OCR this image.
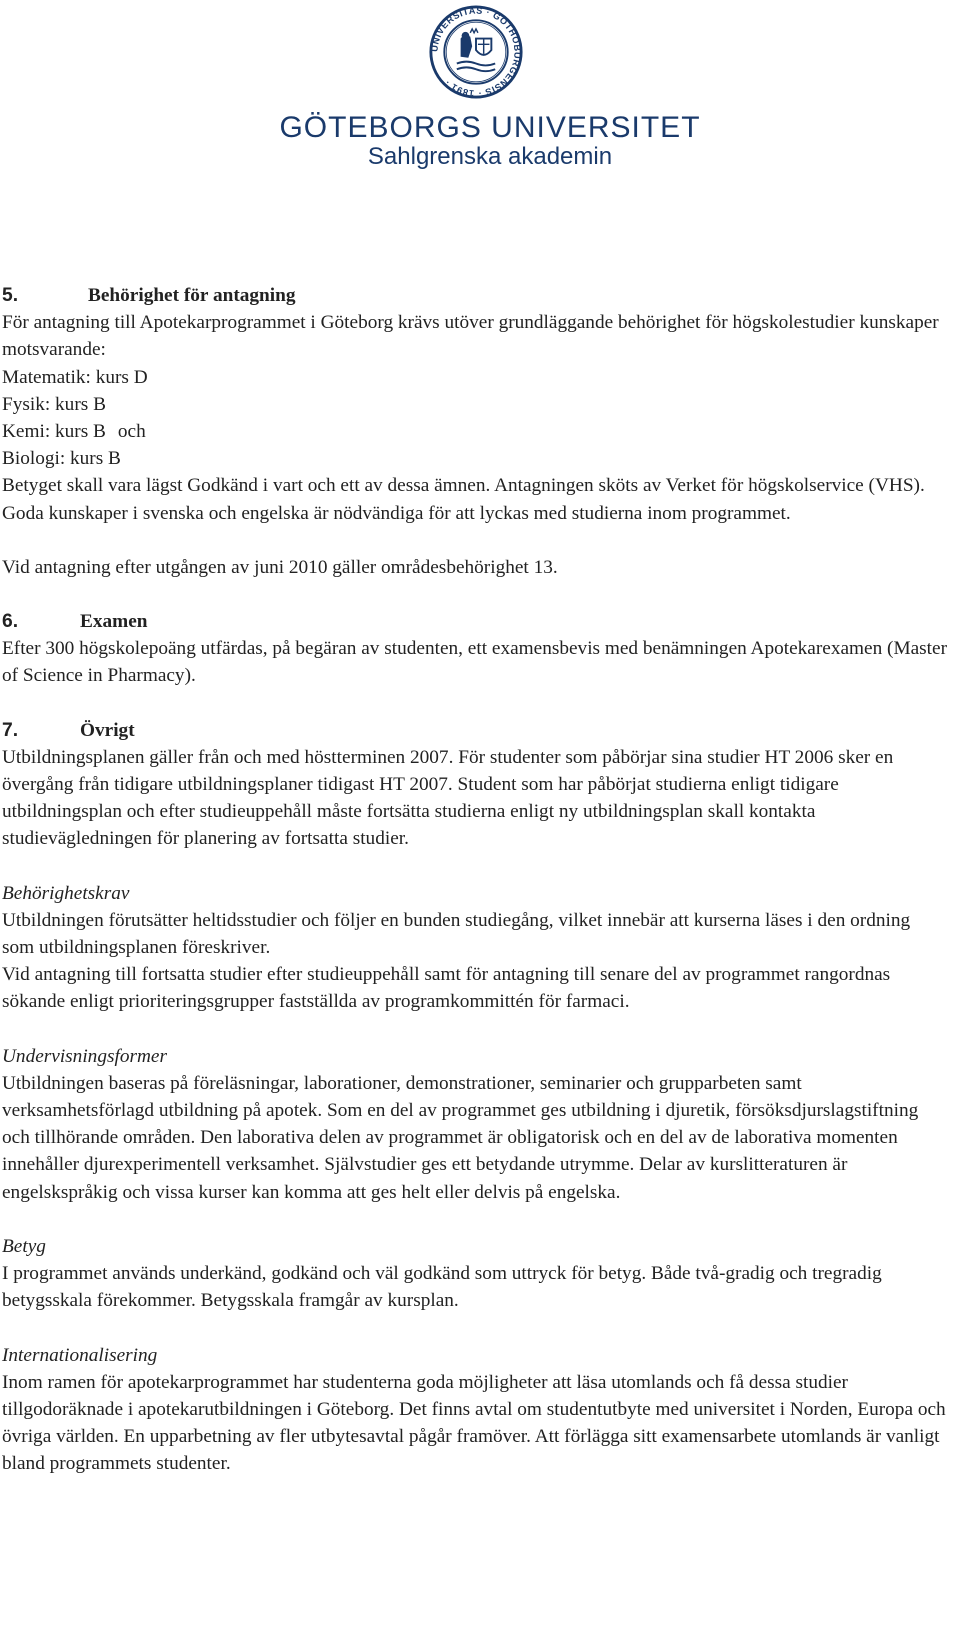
UNIVERSITAS · GOTHOBURGENSIS · 1891 ·
GÖTEBORGS UNIVERSITET
Sahlgrenska akademin
5.	Behörighet för antagning

För antagning till Apotekarprogrammet i Göteborg krävs utöver grundläggande behörighet för högskolestudier kunskaper motsvarande:

Matematik: kurs D

Fysik: kurs B

Kemi: kurs B och

Biologi: kurs B

Betyget skall vara lägst Godkänd i vart och ett av dessa ämnen. Antagningen sköts av Verket för högskolservice (VHS).

Goda kunskaper i svenska och engelska är nödvändiga för att lyckas med studierna inom programmet.

Vid antagning efter utgången av juni 2010 gäller områdesbehörighet 13.

6.	Examen

Efter 300 högskolepoäng utfärdas, på begäran av studenten, ett examensbevis med benämningen Apotekarexamen (Master of Science in Pharmacy).

7.	Övrigt

Utbildningsplanen gäller från och med höstterminen 2007. För studenter som påbörjar sina studier HT 2006 sker en övergång från tidigare utbildningsplaner tidigast HT 2007. Student som har påbörjat studierna enligt tidigare utbildningsplan och efter studieuppehåll måste fortsätta studierna enligt ny utbildningsplan skall kontakta studievägledningen för planering av fortsatta studier.

Behörighetskrav

Utbildningen förutsätter heltidsstudier och följer en bunden studiegång, vilket innebär att kurserna läses i den ordning som utbildningsplanen föreskriver.

Vid antagning till fortsatta studier efter studieuppehåll samt för antagning till senare del av programmet rangordnas sökande enligt prioriteringsgrupper fastställda av programkommittén för farmaci.

Undervisningsformer

Utbildningen baseras på föreläsningar, laborationer, demonstrationer, seminarier och grupparbeten samt verksamhetsförlagd utbildning på apotek. Som en del av programmet ges utbildning i djuretik, försöksdjurslagstiftning och tillhörande områden. Den laborativa delen av programmet är obligatorisk och en del av de laborativa momenten innehåller djurexperimentell verksamhet. Självstudier ges ett betydande utrymme. Delar av kurslitteraturen är engelskspråkig och vissa kurser kan komma att ges helt eller delvis på engelska.

Betyg

I programmet används underkänd, godkänd och väl godkänd som uttryck för betyg. Både två-gradig och tregradig betygsskala förekommer. Betygsskala framgår av kursplan.

Internationalisering

Inom ramen för apotekarprogrammet har studenterna goda möjligheter att läsa utomlands och få dessa studier tillgodoräknade i apotekarutbildningen i Göteborg. Det finns avtal om studentutbyte med universitet i Norden, Europa och övriga världen. En upparbetning av fler utbytesavtal pågår framöver. Att förlägga sitt examensarbete utomlands är vanligt bland programmets studenter.
